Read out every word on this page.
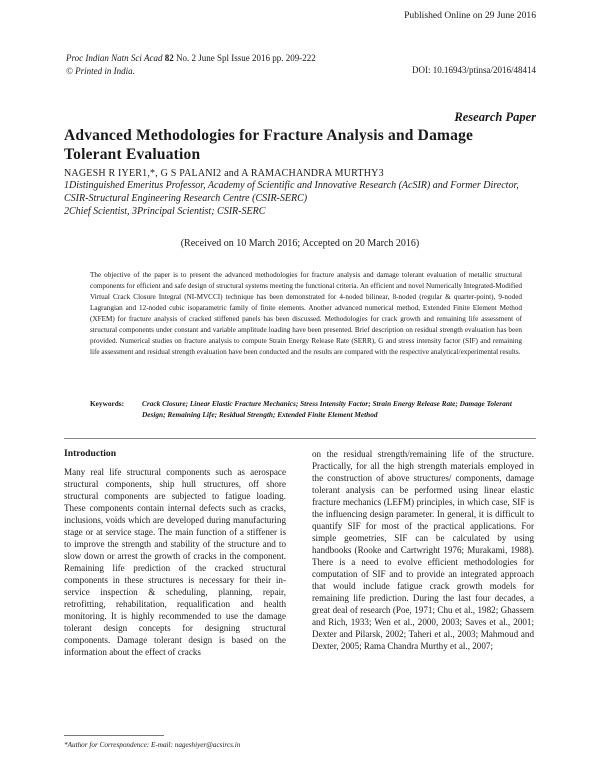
Published Online on 29 June 2016
Proc Indian Natn Sci Acad 82 No. 2 June Spl Issue 2016 pp. 209-222
© Printed in India.	DOI: 10.16943/ptinsa/2016/48414
Research Paper
Advanced Methodologies for Fracture Analysis and Damage Tolerant Evaluation
NAGESH R IYER1,*, G S PALANI2 and A RAMACHANDRA MURTHY3
1Distinguished Emeritus Professor, Academy of Scientific and Innovative Research (AcSIR) and Former Director, CSIR-Structural Engineering Research Centre (CSIR-SERC)
2Chief Scientist, 3Principal Scientist; CSIR-SERC
(Received on 10 March 2016; Accepted on 20 March 2016)
The objective of the paper is to present the advanced methodologies for fracture analysis and damage tolerant evaluation of metallic structural components for efficient and safe design of structural systems meeting the functional criteria. An efficient and novel Numerically Integrated-Modified Virtual Crack Closure Integral (NI-MVCCI) technique has been demonstrated for 4-noded bilinear, 8-noded (regular & quarter-point), 9-noded Lagrangian and 12-noded cubic isoparametric family of finite elements. Another advanced numerical method, Extended Finite Element Method (XFEM) for fracture analysis of cracked stiffened panels has been discussed. Methodologies for crack growth and remaining life assessment of structural components under constant and variable amplitude loading have been presented. Brief description on residual strength evaluation has been provided. Numerical studies on fracture analysis to compute Strain Energy Release Rate (SERR), G and stress intensity factor (SIF) and remaining life assessment and residual strength evaluation have been conducted and the results are compared with the respective analytical/experimental results.
Keywords:	Crack Closure; Linear Elastic Fracture Mechanics; Stress Intensity Factor; Strain Energy Release Rate; Damage Tolerant Design; Remaining Life; Residual Strength; Extended Finite Element Method
Introduction
Many real life structural components such as aerospace structural components, ship hull structures, off shore structural components are subjected to fatigue loading. These components contain internal defects such as cracks, inclusions, voids which are developed during manufacturing stage or at service stage. The main function of a stiffener is to improve the strength and stability of the structure and to slow down or arrest the growth of cracks in the component. Remaining life prediction of the cracked structural components in these structures is necessary for their in-service inspection & scheduling, planning, repair, retrofitting, rehabilitation, requalification and health monitoring. It is highly recommended to use the damage tolerant design concepts for designing structural components. Damage tolerant design is based on the information about the effect of cracks
on the residual strength/remaining life of the structure. Practically, for all the high strength materials employed in the construction of above structures/ components, damage tolerant analysis can be performed using linear elastic fracture mechanics (LEFM) principles, in which case, SIF is the influencing design parameter. In general, it is difficult to quantify SIF for most of the practical applications. For simple geometries, SIF can be calculated by using handbooks (Rooke and Cartwright 1976; Murakami, 1988). There is a need to evolve efficient methodologies for computation of SIF and to provide an integrated approach that would include fatigue crack growth models for remaining life prediction. During the last four decades, a great deal of research (Poe, 1971; Chu et al., 1982; Ghassem and Rich, 1933; Wen et al., 2000, 2003; Saves et al., 2001; Dexter and Pilarsk, 2002; Taheri et al., 2003; Mahmoud and Dexter, 2005; Rama Chandra Murthy et al., 2007;
*Author for Correspondence: E-mail: nageshiyer@acsircs.in
